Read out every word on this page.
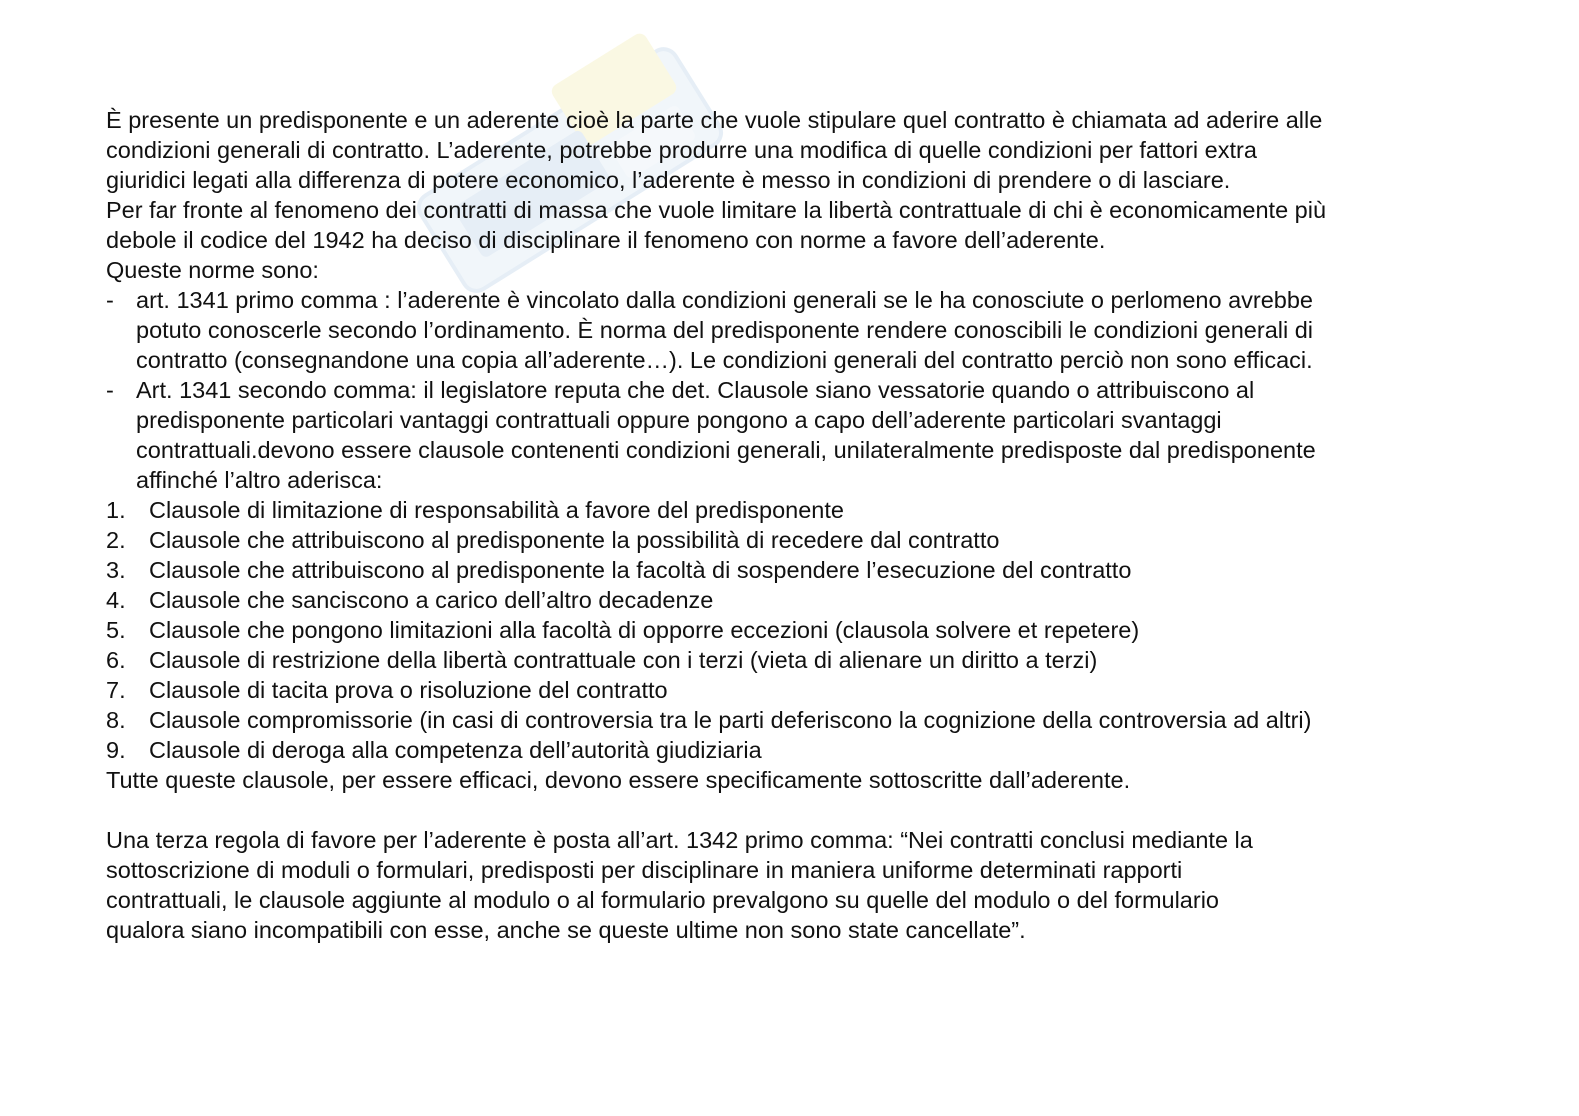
È presente un predisponente e un aderente cioè la parte che vuole stipulare quel contratto è chiamata ad aderire alle
condizioni generali di contratto. L’aderente, potrebbe produrre una modifica di quelle condizioni per fattori extra
giuridici legati alla differenza di potere economico, l’aderente è messo in condizioni di prendere o di lasciare.
Per far fronte al fenomeno dei contratti di massa che vuole limitare la libertà contrattuale di chi è economicamente più
debole il codice del 1942 ha deciso di disciplinare il fenomeno con norme a favore dell’aderente.
Queste norme sono:
- art. 1341 primo comma : l’aderente è vincolato dalla condizioni generali se le ha conosciute o perlomeno avrebbe
potuto conoscerle secondo l’ordinamento. È norma del predisponente rendere conoscibili le condizioni generali di
contratto (consegnandone una copia all’aderente…). Le condizioni generali del contratto perciò non sono efficaci.
- Art. 1341 secondo comma: il legislatore reputa che det. Clausole siano vessatorie quando o attribuiscono al
predisponente particolari vantaggi contrattuali oppure pongono a capo dell’aderente particolari svantaggi
contrattuali.devono essere clausole contenenti condizioni generali, unilateralmente predisposte dal predisponente
affinché l’altro aderisca:
1. Clausole di limitazione di responsabilità a favore del predisponente
2. Clausole che attribuiscono al predisponente la possibilità di recedere dal contratto
3. Clausole che attribuiscono al predisponente la facoltà di sospendere l’esecuzione del contratto
4. Clausole che sanciscono a carico dell’altro decadenze
5. Clausole che pongono limitazioni alla facoltà di opporre eccezioni (clausola solvere et repetere)
6. Clausole di restrizione della libertà contrattuale con i terzi (vieta di alienare un diritto a terzi)
7. Clausole di tacita prova o risoluzione del contratto
8. Clausole compromissorie (in casi di controversia tra le parti deferiscono la cognizione della controversia ad altri)
9. Clausole di deroga alla competenza dell’autorità giudiziaria
Tutte queste clausole, per essere efficaci, devono essere specificamente sottoscritte dall’aderente.
Una terza regola di favore per l’aderente è posta all’art. 1342 primo comma: “Nei contratti conclusi mediante la
sottoscrizione di moduli o formulari, predisposti per disciplinare in maniera uniforme determinati rapporti
contrattuali, le clausole aggiunte al modulo o al formulario prevalgono su quelle del modulo o del formulario
qualora siano incompatibili con esse, anche se queste ultime non sono state cancellate”.
